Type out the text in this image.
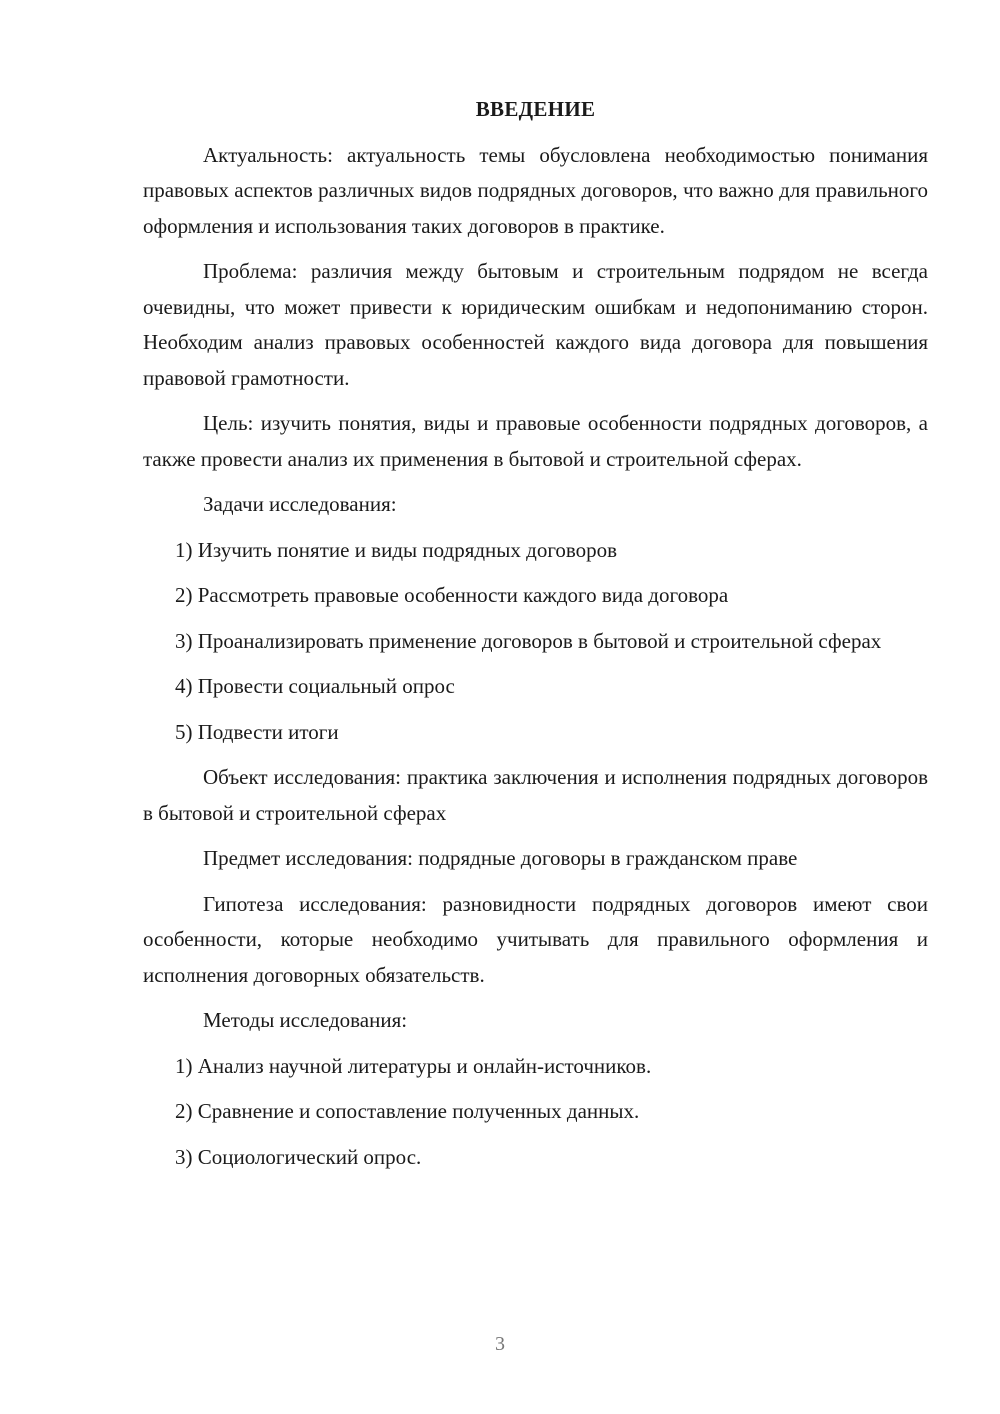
ВВЕДЕНИЕ

Актуальность: актуальность темы обусловлена необходимостью понимания правовых аспектов различных видов подрядных договоров, что важно для правильного оформления и использования таких договоров в практике.

Проблема: различия между бытовым и строительным подрядом не всегда очевидны, что может привести к юридическим ошибкам и недопониманию сторон. Необходим анализ правовых особенностей каждого вида договора для повышения правовой грамотности.

Цель: изучить понятия, виды и правовые особенности подрядных договоров, а также провести анализ их применения в бытовой и строительной сферах.

Задачи исследования:

1) Изучить понятие и виды подрядных договоров

2) Рассмотреть правовые особенности каждого вида договора

3) Проанализировать применение договоров в бытовой и строительной сферах

4) Провести социальный опрос

5) Подвести итоги

Объект исследования: практика заключения и исполнения подрядных договоров в бытовой и строительной сферах

Предмет исследования: подрядные договоры в гражданском праве

Гипотеза исследования: разновидности подрядных договоров имеют свои особенности, которые необходимо учитывать для правильного оформления и исполнения договорных обязательств.

Методы исследования:

1) Анализ научной литературы и онлайн-источников.

2) Сравнение и сопоставление полученных данных.

3) Социологический опрос.

3
